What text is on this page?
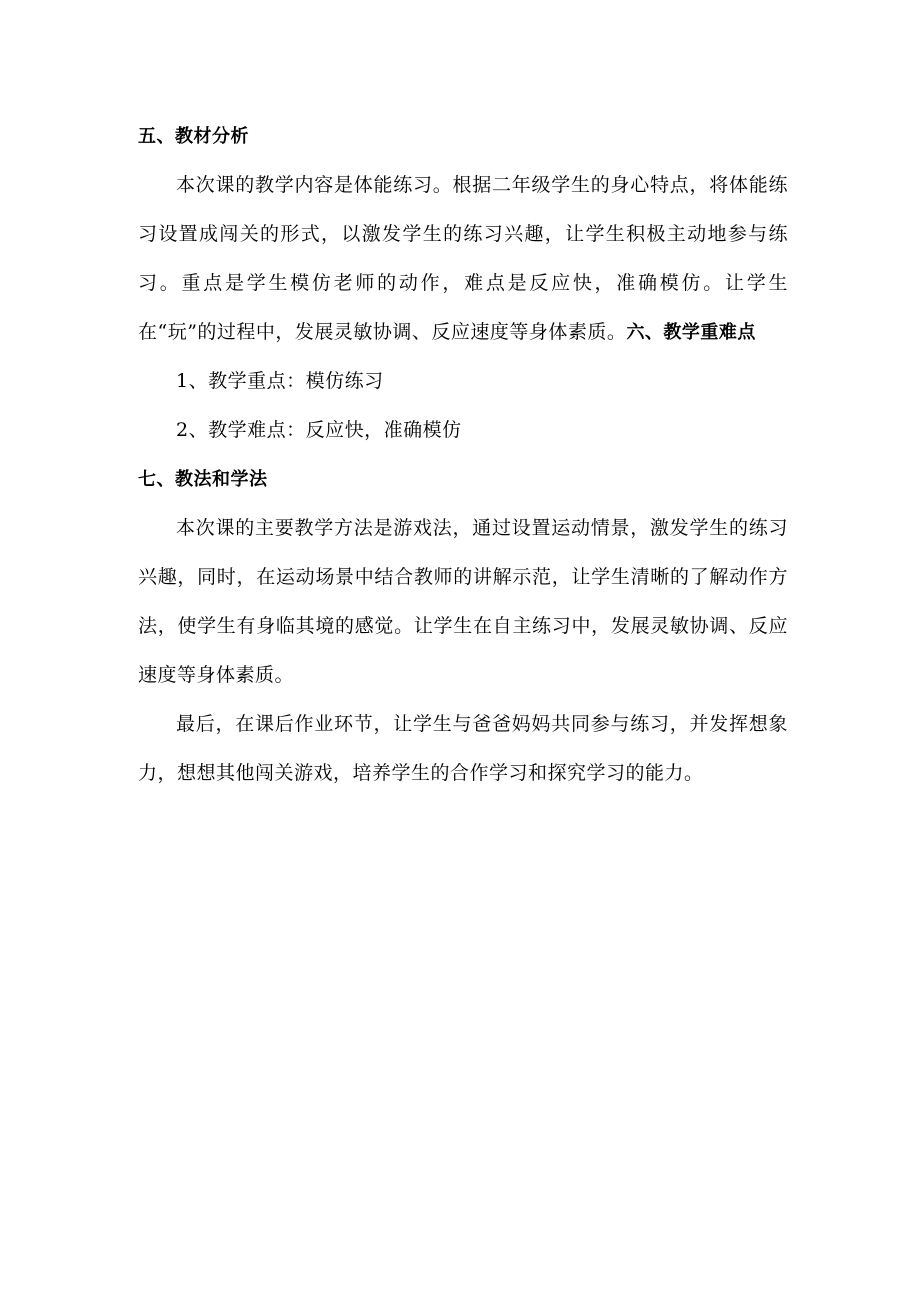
五、教材分析

本次课的教学内容是体能练习。根据二年级学生的身心特点，将体能练习设置成闯关的形式，以激发学生的练习兴趣，让学生积极主动地参与练习。重点是学生模仿老师的动作，难点是反应快，准确模仿。让学生在“玩”的过程中，发展灵敏协调、反应速度等身体素质。六、教学重难点

1、教学重点：模仿练习

2、教学难点：反应快，准确模仿

七、教法和学法

本次课的主要教学方法是游戏法，通过设置运动情景，激发学生的练习兴趣，同时，在运动场景中结合教师的讲解示范，让学生清晰的了解动作方法，使学生有身临其境的感觉。让学生在自主练习中，发展灵敏协调、反应速度等身体素质。

最后，在课后作业环节，让学生与爸爸妈妈共同参与练习，并发挥想象力，想想其他闯关游戏，培养学生的合作学习和探究学习的能力。
